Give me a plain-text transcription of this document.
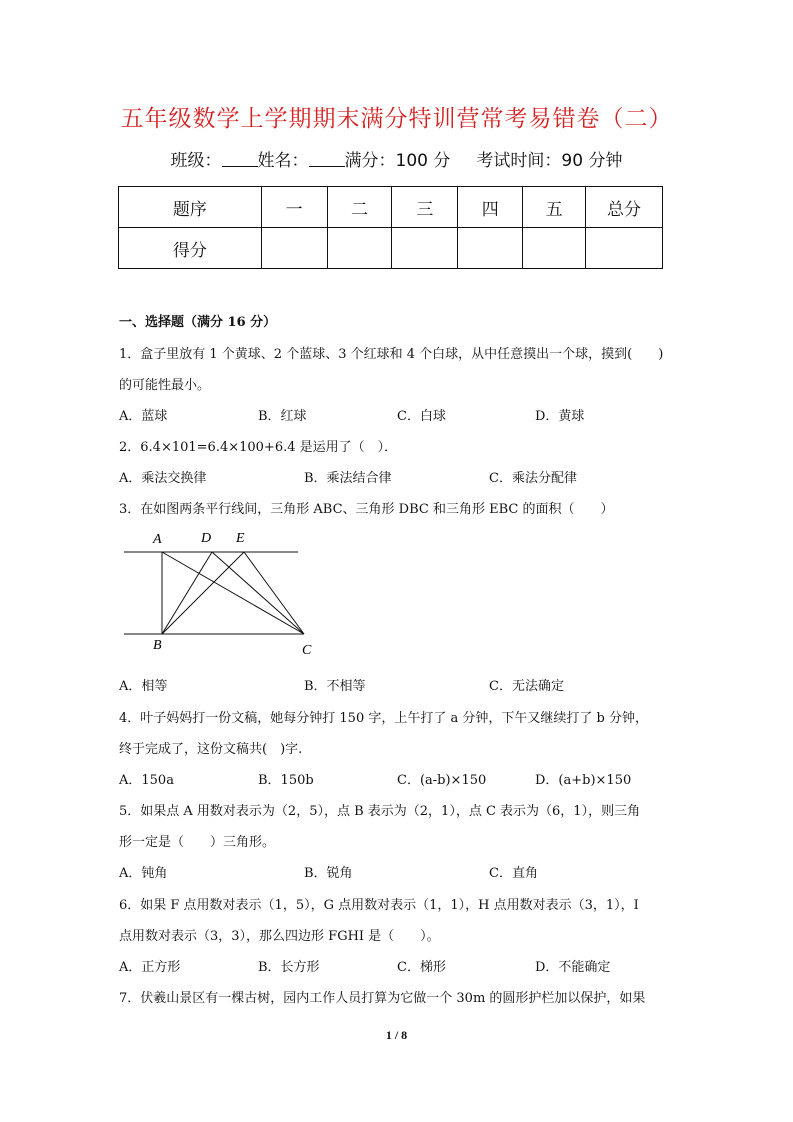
五年级数学上学期期末满分特训营常考易错卷（二）
班级： 姓名： 满分：100 分 考试时间：90 分钟
题序	一	二	三	四	五	总分
得分						
一、选择题（满分 16 分）
1．盒子里放有 1 个黄球、2 个蓝球、3 个红球和 4 个白球，从中任意摸出一个球，摸到(　　)
的可能性最小。
A．蓝球	B．红球	C．白球	D．黄球
2．6.4×101=6.4×100+6.4 是运用了（　）．
A．乘法交换律	B．乘法结合律	C．乘法分配律
3．在如图两条平行线间，三角形 ABC、三角形 DBC 和三角形 EBC 的面积（　　）
A	D E
B	C
A．相等	B．不相等	C．无法确定
4．叶子妈妈打一份文稿，她每分钟打 150 字，上午打了 a 分钟，下午又继续打了 b 分钟，
终于完成了，这份文稿共(　)字.
A．150a	B．150b	C．(a-b)×150	D．(a+b)×150
5．如果点 A 用数对表示为（2，5），点 B 表示为（2，1），点 C 表示为（6，1），则三角
形一定是（　　）三角形。
A．钝角	B．锐角	C．直角
6．如果 F 点用数对表示（1，5），G 点用数对表示（1，1），H 点用数对表示（3，1），I
点用数对表示（3，3），那么四边形 FGHI 是（　　）。
A．正方形	B．长方形	C．梯形	D．不能确定
7．伏羲山景区有一棵古树，园内工作人员打算为它做一个 30m 的圆形护栏加以保护，如果
1 / 8
